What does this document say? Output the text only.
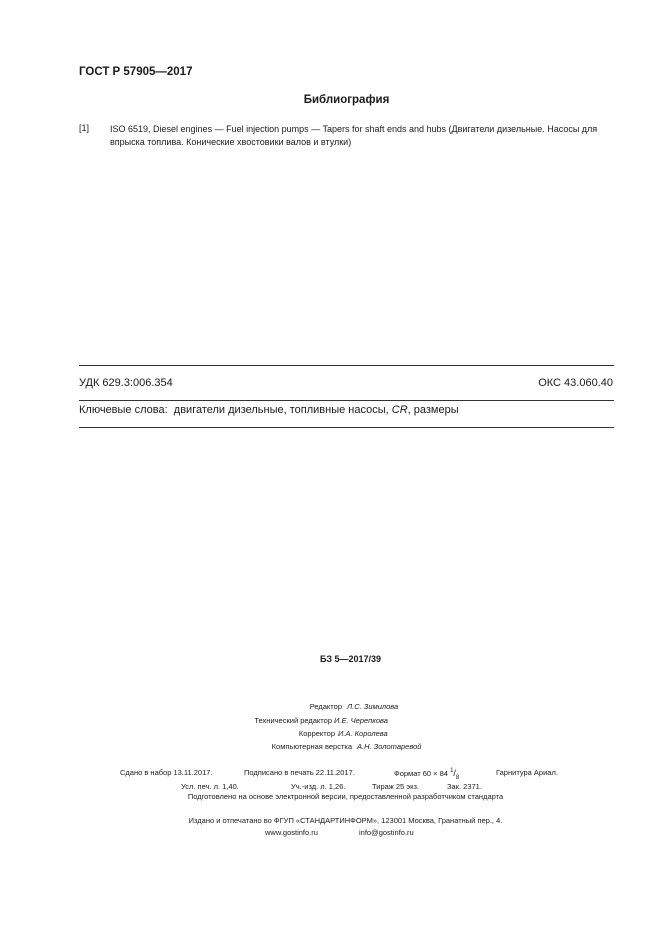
ГОСТ Р 57905—2017
Библиография
[1] ISO 6519, Diesel engines — Fuel injection pumps — Tapers for shaft ends and hubs (Двигатели дизельные. Насосы для впрыска топлива. Конические хвостовики валов и втулки)
УДК 629.3:006.354	ОКС 43.060.40
Ключевые слова: двигатели дизельные, топливные насосы, CR, размеры
БЗ 5—2017/39
Редактор Л.С. Зимилова
Технический редактор И.Е. Черепкова
Корректор И.А. Королева
Компьютерная верстка А.Н. Золотаревой
Сдано в набор 13.11.2017.	Подписано в печать 22.11.2017.	Формат 60 × 84 $^1/_8$
Гарнитура Ариал.
Усл. печ. л. 1,40.	Уч.-изд. л. 1,26.	Тираж 25 экз.	Зак. 2371.
Подготовлено на основе электронной версии, предоставленной разработчиком стандарта
Издано и отпечатано во ФГУП «СТАНДАРТИНФОРМ», 123001 Москва, Гранатный пер., 4.
www.gostinfo.ru	info@gostinfo.ru
